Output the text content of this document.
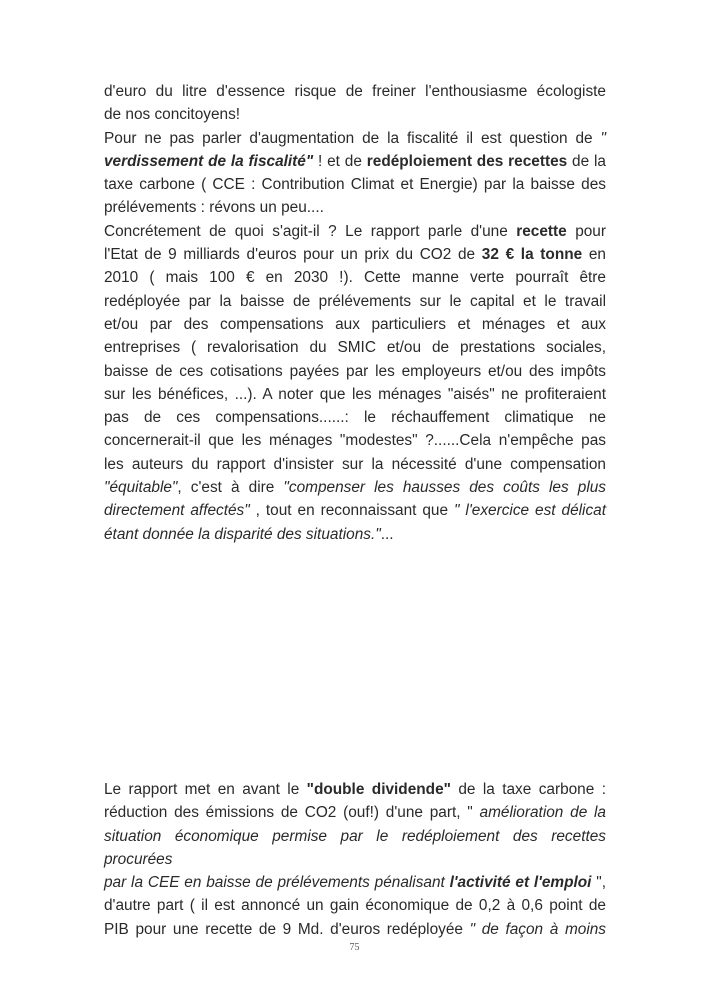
d'euro du litre d'essence risque de freiner l'enthousiasme écologiste

de nos concitoyens!

Pour ne pas parler d'augmentation de la fiscalité il est question de "

verdissement de la fiscalité" ! et de redéploiement des recettes de la

taxe carbone ( CCE : Contribution Climat et Energie) par la baisse des

prélévements : révons un peu....

Concrétement de quoi s'agit-il ? Le rapport parle d'une recette pour

l'Etat de 9 milliards d'euros pour un prix du CO2 de 32 € la tonne en

2010 ( mais 100 € en 2030 !). Cette manne verte pourraît être

redéployée par la baisse de prélévements sur le capital et le travail

et/ou par des compensations aux particuliers et ménages et aux

entreprises ( revalorisation du SMIC et/ou de prestations sociales,

baisse de ces cotisations payées par les employeurs et/ou des impôts

sur les bénéfices, ...). A noter que les ménages "aisés" ne profiteraient

pas de ces compensations......: le réchauffement climatique ne

concernerait-il que les ménages "modestes" ?......Cela n'empêche pas

les auteurs du rapport d'insister sur la nécessité d'une compensation

"équitable", c'est à dire "compenser les hausses des coûts les plus

directement affectés" , tout en reconnaissant que " l'exercice est délicat

étant donnée la disparité des situations."...

Le rapport met en avant le "double dividende" de la taxe carbone :

réduction des émissions de CO2 (ouf!) d'une part, " amélioration de la

situation économique permise par le redéploiement des recettes procurées

par la CEE en baisse de prélévements pénalisant l'activité et l'emploi ",

d'autre part ( il est annoncé un gain économique de 0,2 à 0,6 point de

PIB pour une recette de 9 Md. d'euros redéployée " de façon à moins

75
